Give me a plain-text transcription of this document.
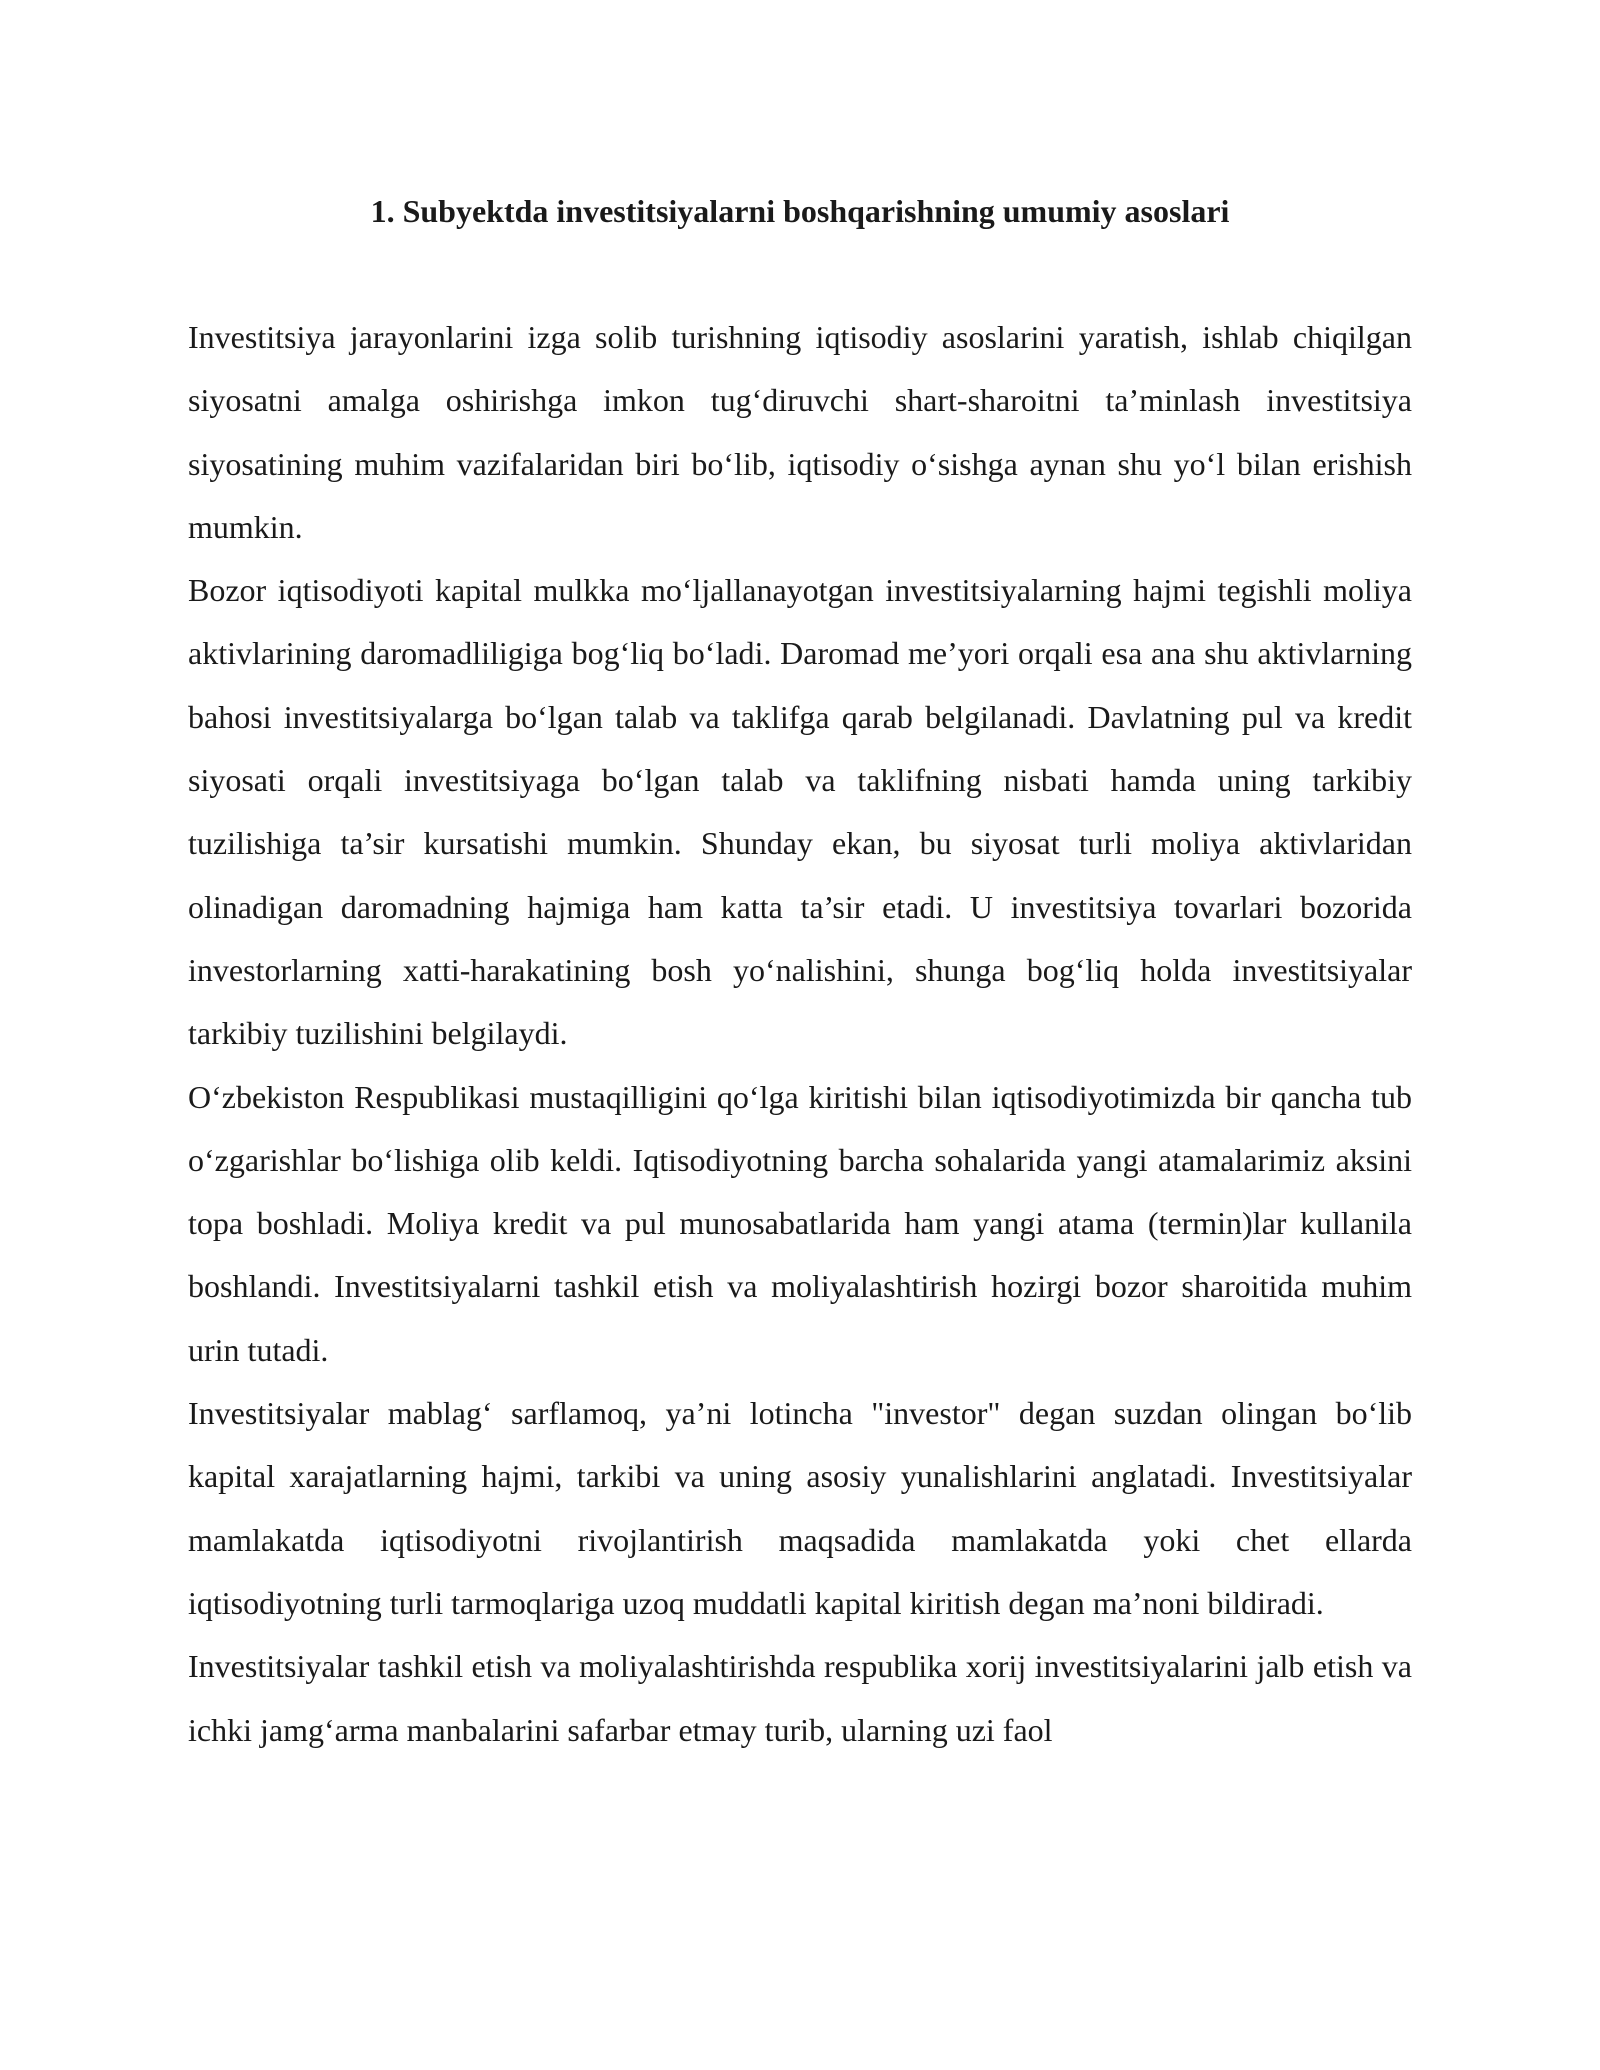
1. Subyektda investitsiyalarni boshqarishning umumiy asoslari

Investitsiya jarayonlarini izga solib turishning iqtisodiy asoslarini yaratish, ishlab chiqilgan siyosatni amalga oshirishga imkon tug‘diruvchi shart-sharoitni ta’minlash investitsiya siyosatining muhim vazifalaridan biri bo‘lib, iqtisodiy o‘sishga aynan shu yo‘l bilan erishish mumkin.

Bozor iqtisodiyoti kapital mulkka mo‘ljallanayotgan investitsiyalarning hajmi tegishli moliya aktivlarining daromadliligiga bog‘liq bo‘ladi. Daromad me’yori orqali esa ana shu aktivlarning bahosi investitsiyalarga bo‘lgan talab va taklifga qarab belgilanadi. Davlatning pul va kredit siyosati orqali investitsiyaga bo‘lgan talab va taklifning nisbati hamda uning tarkibiy tuzilishiga ta’sir kursatishi mumkin. Shunday ekan, bu siyosat turli moliya aktivlaridan olinadigan daromadning hajmiga ham katta ta’sir etadi. U investitsiya tovarlari bozorida investorlarning xatti-harakatining bosh yo‘nalishini, shunga bog‘liq holda investitsiyalar tarkibiy tuzilishini belgilaydi.

O‘zbekiston Respublikasi mustaqilligini qo‘lga kiritishi bilan iqtisodiyotimizda bir qancha tub o‘zgarishlar bo‘lishiga olib keldi. Iqtisodiyotning barcha sohalarida yangi atamalarimiz aksini topa boshladi. Moliya kredit va pul munosabatlarida ham yangi atama (termin)lar kullanila boshlandi. Investitsiyalarni tashkil etish va moliyalashtirish hozirgi bozor sharoitida muhim urin tutadi.

Investitsiyalar mablag‘ sarflamoq, ya’ni lotincha "investor" degan suzdan olingan bo‘lib kapital xarajatlarning hajmi, tarkibi va uning asosiy yunalishlarini anglatadi. Investitsiyalar mamlakatda iqtisodiyotni rivojlantirish maqsadida mamlakatda yoki chet ellarda iqtisodiyotning turli tarmoqlariga uzoq muddatli kapital kiritish degan ma’noni bildiradi.

Investitsiyalar tashkil etish va moliyalashtirishda respublika xorij investitsiyalarini jalb etish va ichki jamg‘arma manbalarini safarbar etmay turib, ularning uzi faol
